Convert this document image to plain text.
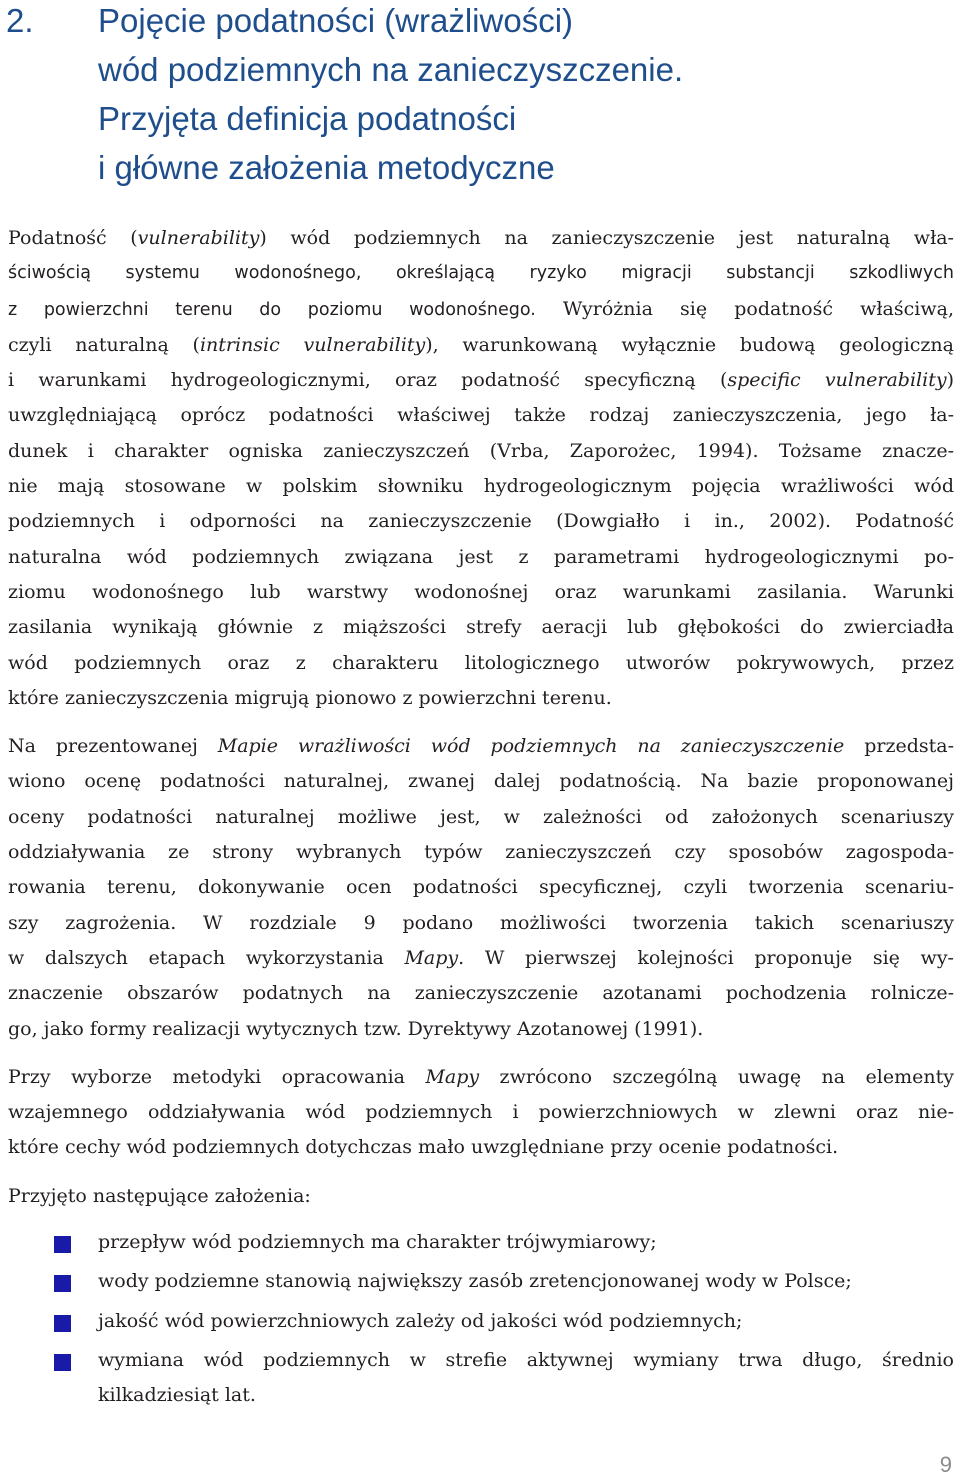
2. Pojęcie podatności (wrażliwości)
wód podziemnych na zanieczyszczenie.
Przyjęta definicja podatności
i główne założenia metodyczne
Podatność (vulnerability) wód podziemnych na zanieczyszczenie jest naturalną wła-
ściwością systemu wodonośnego, określającą ryzyko migracji substancji szkodliwych
z powierzchni terenu do poziomu wodonośnego. Wyróżnia się podatność właściwą,
czyli naturalną (intrinsic vulnerability), warunkowaną wyłącznie budową geologiczną
i warunkami hydrogeologicznymi, oraz podatność specyficzną (specific vulnerability)
uwzględniającą oprócz podatności właściwej także rodzaj zanieczyszczenia, jego ła-
dunek i charakter ogniska zanieczyszczeń (Vrba, Zaporożec, 1994). Tożsame znacze-
nie mają stosowane w polskim słowniku hydrogeologicznym pojęcia wrażliwości wód
podziemnych i odporności na zanieczyszczenie (Dowgiałło i in., 2002). Podatność
naturalna wód podziemnych związana jest z parametrami hydrogeologicznymi po-
ziomu wodonośnego lub warstwy wodonośnej oraz warunkami zasilania. Warunki
zasilania wynikają głównie z miąższości strefy aeracji lub głębokości do zwierciadła
wód podziemnych oraz z charakteru litologicznego utworów pokrywowych, przez
które zanieczyszczenia migrują pionowo z powierzchni terenu.
Na prezentowanej Mapie wrażliwości wód podziemnych na zanieczyszczenie przedsta-
wiono ocenę podatności naturalnej, zwanej dalej podatnością. Na bazie proponowanej
oceny podatności naturalnej możliwe jest, w zależności od założonych scenariuszy
oddziaływania ze strony wybranych typów zanieczyszczeń czy sposobów zagospoda-
rowania terenu, dokonywanie ocen podatności specyficznej, czyli tworzenia scenariu-
szy zagrożenia. W rozdziale 9 podano możliwości tworzenia takich scenariuszy
w dalszych etapach wykorzystania Mapy. W pierwszej kolejności proponuje się wy-
znaczenie obszarów podatnych na zanieczyszczenie azotanami pochodzenia rolnicze-
go, jako formy realizacji wytycznych tzw. Dyrektywy Azotanowej (1991).
Przy wyborze metodyki opracowania Mapy zwrócono szczególną uwagę na elementy
wzajemnego oddziaływania wód podziemnych i powierzchniowych w zlewni oraz nie-
które cechy wód podziemnych dotychczas mało uwzględniane przy ocenie podatności.
Przyjęto następujące założenia:
przepływ wód podziemnych ma charakter trójwymiarowy;
wody podziemne stanowią największy zasób zretencjonowanej wody w Polsce;
jakość wód powierzchniowych zależy od jakości wód podziemnych;
wymiana wód podziemnych w strefie aktywnej wymiany trwa długo, średnio kilkadziesiąt lat.
9
